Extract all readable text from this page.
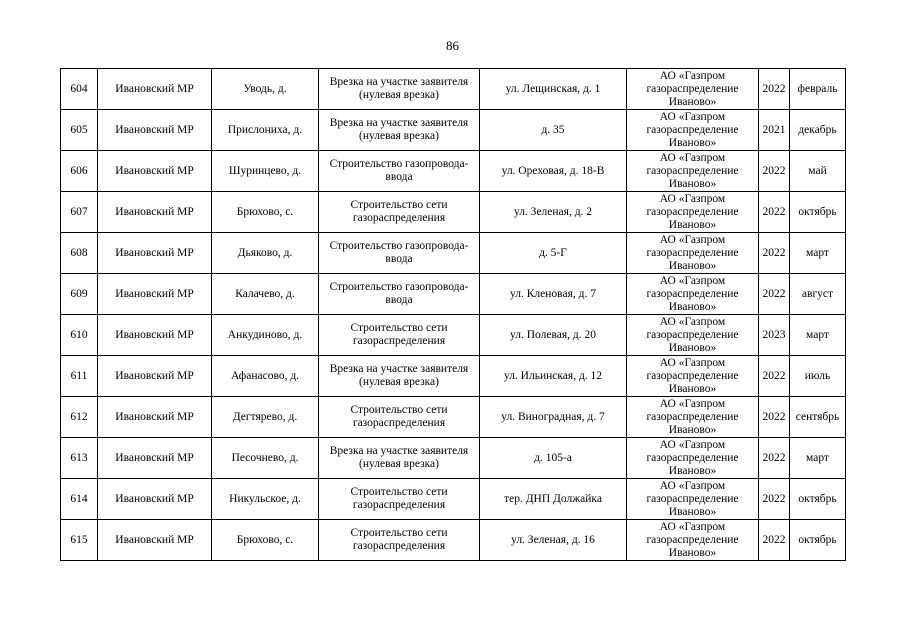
86
604	Ивановский МР	Уводь, д.	Врезка на участке заявителя (нулевая врезка)	ул. Лещинская, д. 1	АО «Газпром газораспределение Иваново»	2022	февраль
605	Ивановский МР	Прислониха, д.	Врезка на участке заявителя (нулевая врезка)	д. 35	АО «Газпром газораспределение Иваново»	2021	декабрь
606	Ивановский МР	Шуринцево, д.	Строительство газопровода-ввода	ул. Ореховая, д. 18-В	АО «Газпром газораспределение Иваново»	2022	май
607	Ивановский МР	Брюхово, с.	Строительство сети газораспределения	ул. Зеленая, д. 2	АО «Газпром газораспределение Иваново»	2022	октябрь
608	Ивановский МР	Дьяково, д.	Строительство газопровода-ввода	д. 5-Г	АО «Газпром газораспределение Иваново»	2022	март
609	Ивановский МР	Калачево, д.	Строительство газопровода-ввода	ул. Кленовая, д. 7	АО «Газпром газораспределение Иваново»	2022	август
610	Ивановский МР	Анкудиново, д.	Строительство сети газораспределения	ул. Полевая, д. 20	АО «Газпром газораспределение Иваново»	2023	март
611	Ивановский МР	Афанасово, д.	Врезка на участке заявителя (нулевая врезка)	ул. Ильинская, д. 12	АО «Газпром газораспределение Иваново»	2022	июль
612	Ивановский МР	Дегтярево, д.	Строительство сети газораспределения	ул. Виноградная, д. 7	АО «Газпром газораспределение Иваново»	2022	сентябрь
613	Ивановский МР	Песочнево, д.	Врезка на участке заявителя (нулевая врезка)	д. 105-а	АО «Газпром газораспределение Иваново»	2022	март
614	Ивановский МР	Никульское, д.	Строительство сети газораспределения	тер. ДНП Должайка	АО «Газпром газораспределение Иваново»	2022	октябрь
615	Ивановский МР	Брюхово, с.	Строительство сети газораспределения	ул. Зеленая, д. 16	АО «Газпром газораспределение Иваново»	2022	октябрь
